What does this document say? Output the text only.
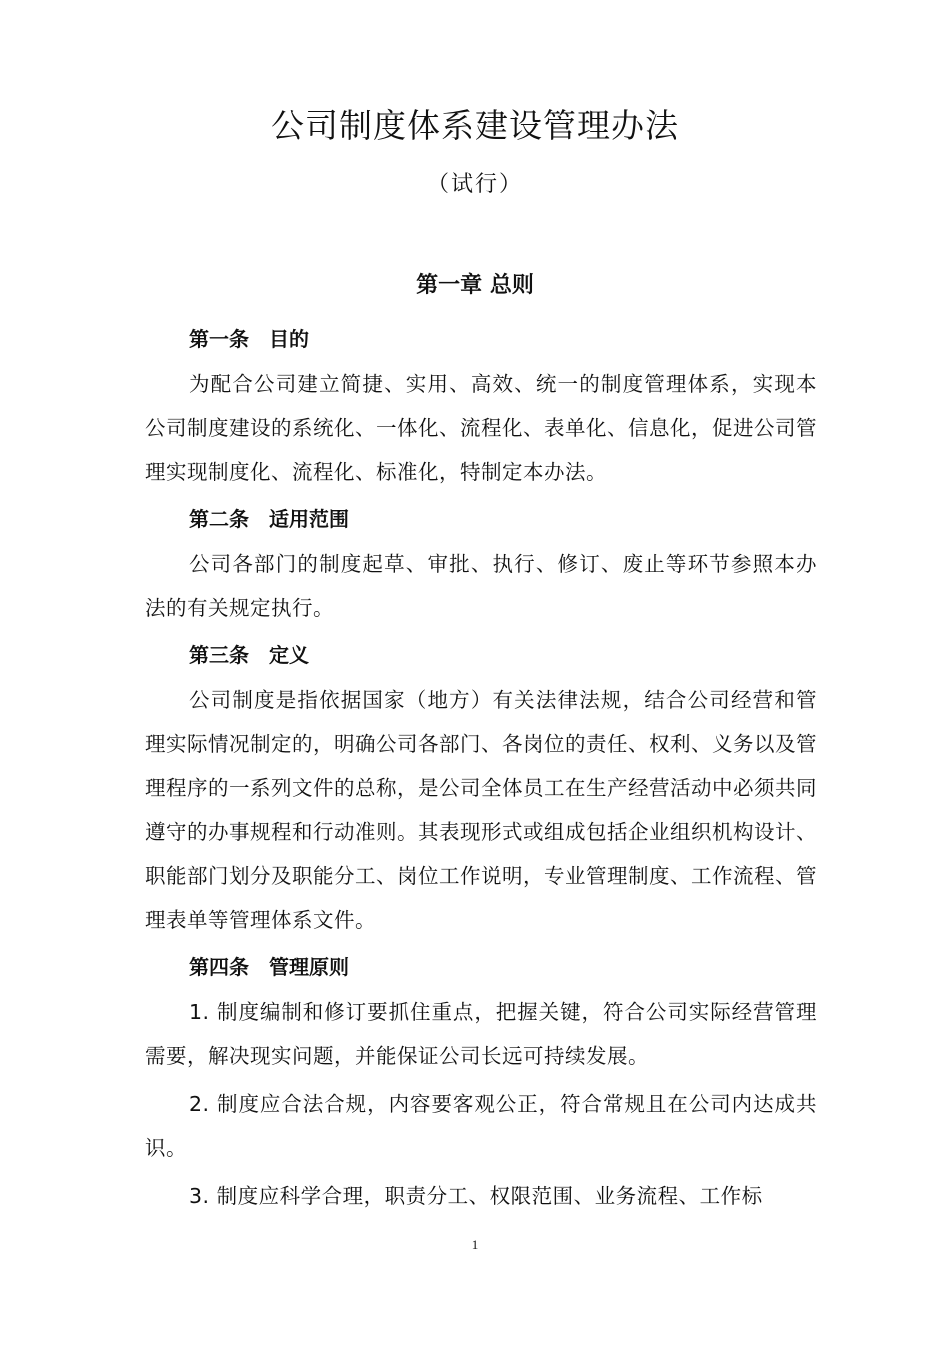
公司制度体系建设管理办法
（试行）
第一章 总则
第一条　目的

为配合公司建立简捷、实用、高效、统一的制度管理体系，实现本公司制度建设的系统化、一体化、流程化、表单化、信息化，促进公司管理实现制度化、流程化、标准化，特制定本办法。

第二条　适用范围

公司各部门的制度起草、审批、执行、修订、废止等环节参照本办法的有关规定执行。

第三条　定义

公司制度是指依据国家（地方）有关法律法规，结合公司经营和管理实际情况制定的，明确公司各部门、各岗位的责任、权利、义务以及管理程序的一系列文件的总称，是公司全体员工在生产经营活动中必须共同遵守的办事规程和行动准则。其表现形式或组成包括企业组织机构设计、职能部门划分及职能分工、岗位工作说明，专业管理制度、工作流程、管理表单等管理体系文件。

第四条　管理原则

1. 制度编制和修订要抓住重点，把握关键，符合公司实际经营管理需要，解决现实问题，并能保证公司长远可持续发展。

2. 制度应合法合规，内容要客观公正，符合常规且在公司内达成共识。

3. 制度应科学合理，职责分工、权限范围、业务流程、工作标

1
